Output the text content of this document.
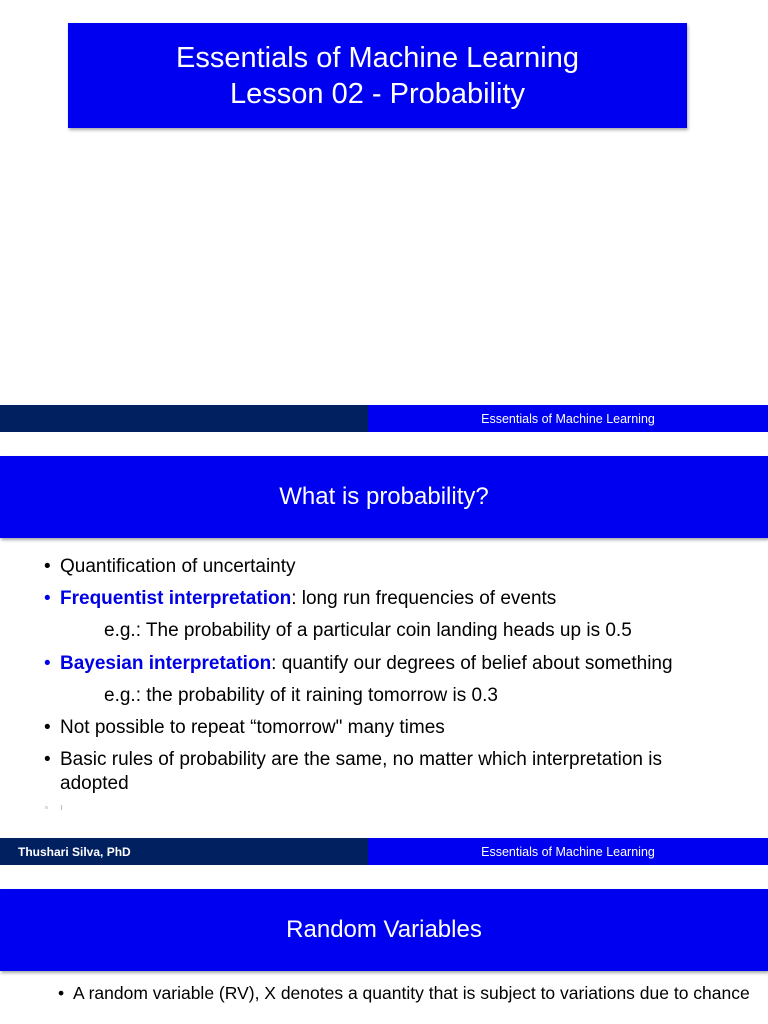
Essentials of Machine Learning
Lesson 02 - Probability
Essentials of Machine Learning
What is probability?
• Quantification of uncertainty
• Frequentist interpretation: long run frequencies of events
e.g.: The probability of a particular coin landing heads up is 0.5
• Bayesian interpretation: quantify our degrees of belief about something
e.g.: the probability of it raining tomorrow is 0.3
• Not possible to repeat “tomorrow" many times
• Basic rules of probability are the same, no matter which interpretation is adopted
Thushari Silva, PhD	Essentials of Machine Learning
Random Variables
• A random variable (RV), X denotes a quantity that is subject to variations due to chance
